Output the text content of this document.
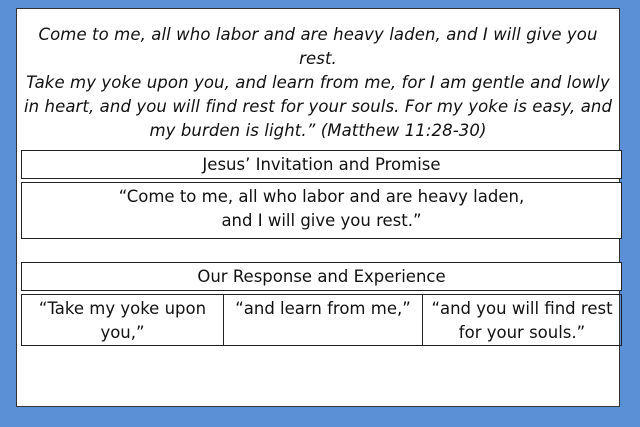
Come to me, all who labor and are heavy laden, and I will give you rest.
Take my yoke upon you, and learn from me, for I am gentle and lowly
in heart, and you will find rest for your souls. For my yoke is easy, and
my burden is light.” (Matthew 11:28-30)
Jesus’ Invitation and Promise
“Come to me, all who labor and are heavy laden,
and I will give you rest.”
Our Response and Experience
“Take my yoke upon
you,”
“and learn from me,”	“and you will find rest
for your souls.”
